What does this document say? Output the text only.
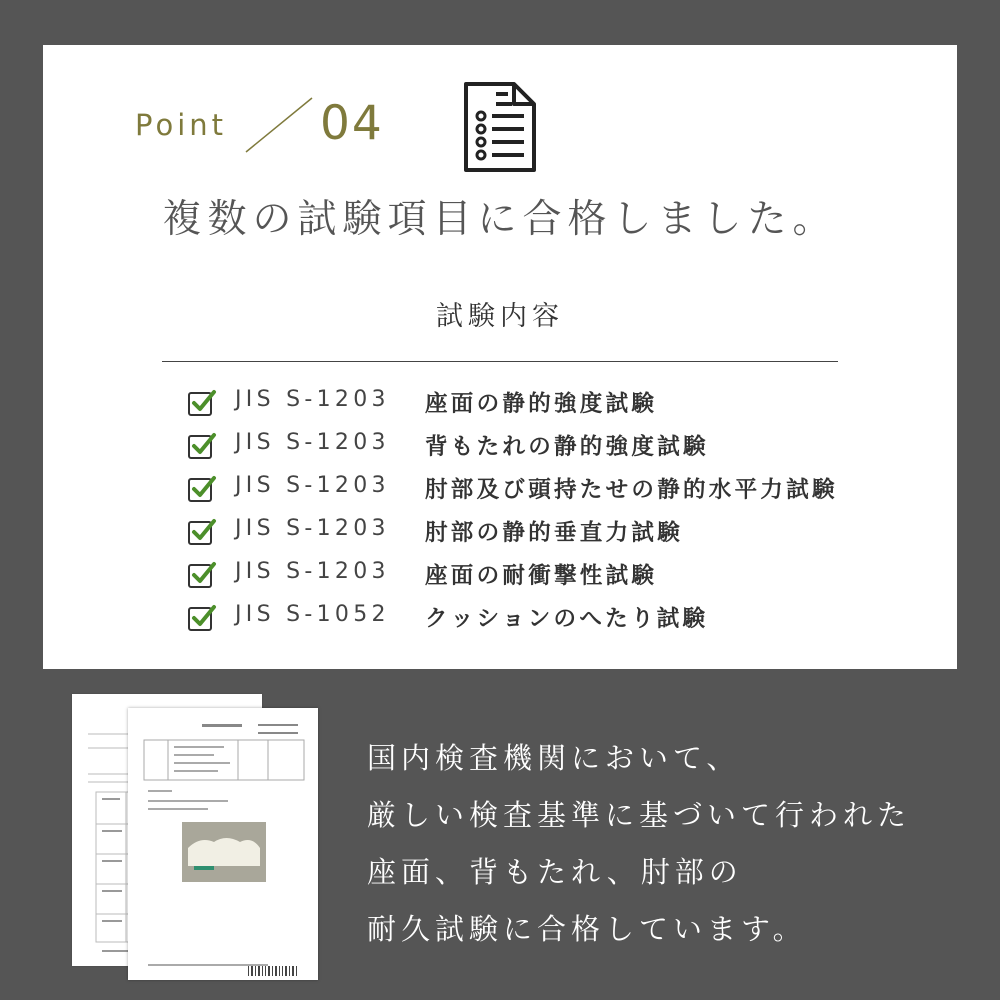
Point 04
複数の試験項目に合格しました。
試験内容
JIS S-1203 座面の静的強度試験
JIS S-1203 背もたれの静的強度試験
JIS S-1203 肘部及び頭持たせの静的水平力試験
JIS S-1203 肘部の静的垂直力試験
JIS S-1203 座面の耐衝撃性試験
JIS S-1052 クッションのへたり試験
国内検査機関において、
厳しい検査基準に基づいて行われた
座面、背もたれ、肘部の
耐久試験に合格しています。
